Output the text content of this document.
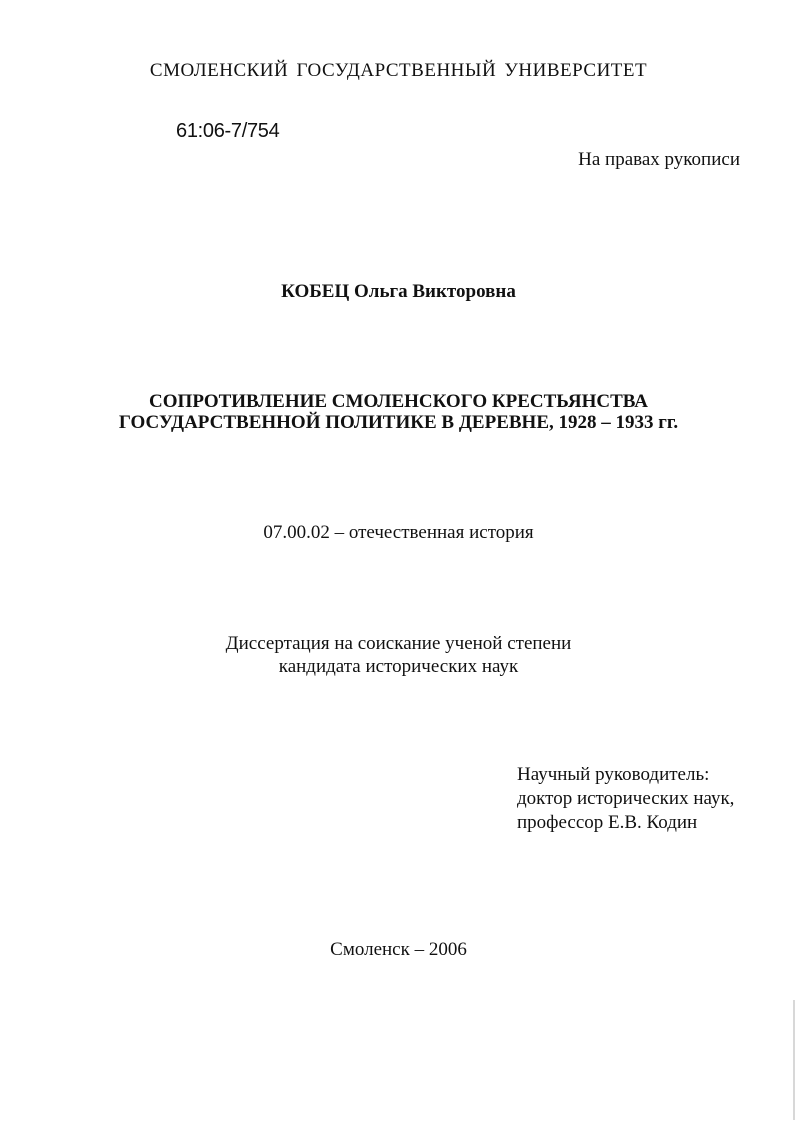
СМОЛЕНСКИЙ ГОСУДАРСТВЕННЫЙ УНИВЕРСИТЕТ
61:06-7/754
На правах рукописи
КОБЕЦ Ольга Викторовна
СОПРОТИВЛЕНИЕ СМОЛЕНСКОГО КРЕСТЬЯНСТВА
ГОСУДАРСТВЕННОЙ ПОЛИТИКЕ В ДЕРЕВНЕ, 1928 – 1933 гг.
07.00.02 – отечественная история
Диссертация на соискание ученой степени
кандидата исторических наук
Научный руководитель:
доктор исторических наук,
профессор Е.В. Кодин
Смоленск – 2006
